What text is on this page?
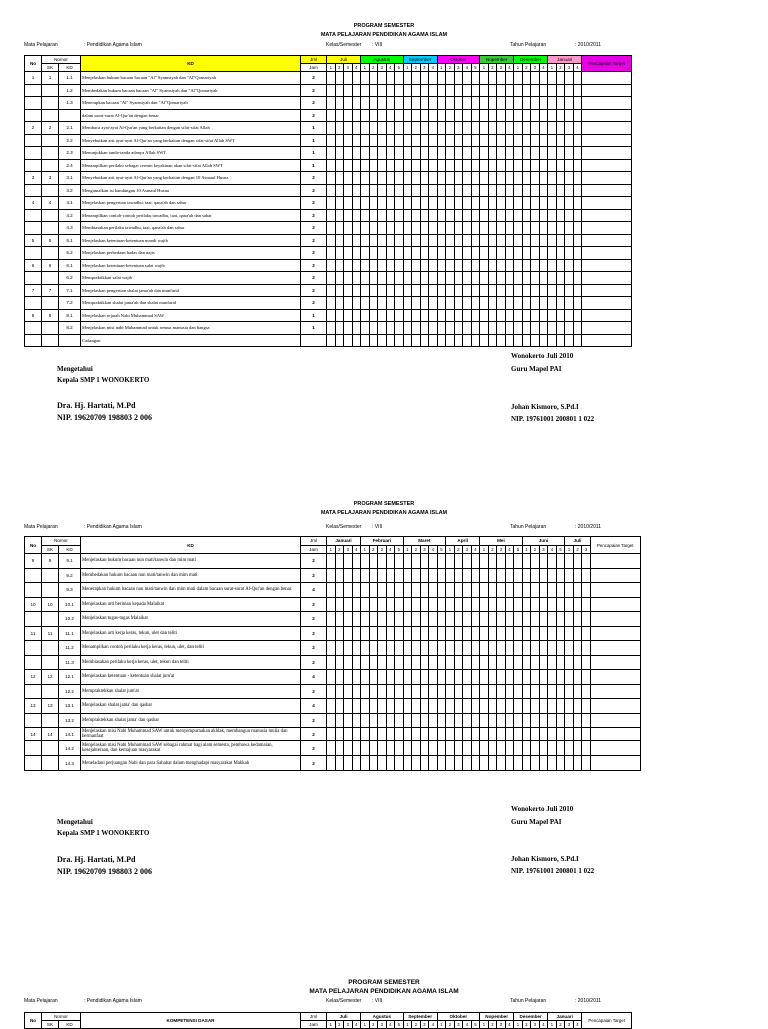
PROGRAM SEMESTER
MATA PELAJARAN PENDIDIKAN AGAMA ISLAM
Mata Pelajaran	: Pendidikan Agama Islam	Kelas/Semester : VIII	Tahun Pelajaran	: 2010/2011
No	Nomor		KD	Jml	Juli				Agustus					September				Oktober					Nopember				Desember				Januari				Pencapaian Target
	SK	KD		Jam	1	2	3	4	1	2	3	4	5	1	2	3	4	1	2	3	4	5	1	2	3	4	1	2	3	4	1	2	3	4	
1	1	1.1	Menjelaskan hukum bacaan bacaan "Al" Syamsiyah dan "Al"Qomariyah	2																															
		1.2	Membedakan hukum bacaan bacaan "Al" Syamsiyah dan "Al"Qomariyah	2																															
		1.3	Menerapkan bacaan "Al" Syamsiyah dan "Al"Qomariyah	2																															
			dalam surat-surat Al-Qur'an dengan benar	2																															
2	2	2.1	Membaca ayat-ayat Al-Qur'an yang berkaitan dengan sifat-sifat Allah	1																															
		2.2	Menyebutkan arti ayat-ayat Al-Qur'an yang berkaitan dengan sifat-sifat Allah SWT	1																															
		2.3	Menunjukkan tanda-tanda adanya Allah SWT	1																															
		2.4	Menampilkan perilaku sebagai cermin keyakinan akan sifat-sifat Allah SWT	1																															
3	3	3.1	Menyebutkan arti ayat-ayat Al-Qur'an yang berkaitan dengan 10 Asmaul Husna	2																															
		3.2	Mengamalkan isi kandungan 10 Asmaul Husna	2																															
4	4	4.1	Menjelaskan pengertian tawadhu, taat, qana'ah dan sabar	2																															
		4.2	Menampilkan contoh-contoh perilaku tawadhu, taat, qana'ah dan sabar	2																															
		4.3	Membiasakan perilaku tawadhu, taat, qana'ah dan sabar	2																															
5	5	5.1	Menjelaskan ketentuan-ketentuan mandi wajib	2																															
		5.2	Menjelaskan perbedaan hadas dan najis	2																															
6	6	6.1	Menjelaskan ketentuan-ketentuan salat wajib	2																															
		6.2	Mempraktikkan salat wajib	2																															
7	7	7.1	Menjelaskan pengertian shalat jama'ah dan munfarid	2																															
		7.2	Mempraktikkan shalat jama'ah dan shalat munfarid	2																															
8	8	8.1	Menjelaskan sejarah Nabi Muhammad SAW	1																															
		8.2	Menjelaskan misi nabi Muhammad untuk semua manusia dan bangsa	1																															
			Cadangan																																
Wonokerto Juli 2010
Mengetahui
Kepala SMP 1 WONOKERTO
Guru Mapel PAI
Dra. Hj. Hartati, M.Pd
NIP. 19620709 198803 2 006
Johan Kismoro, S.Pd.I
NIP. 19761001 200801 1 022
PROGRAM SEMESTER
MATA PELAJARAN PENDIDIKAN AGAMA ISLAM
Mata Pelajaran	: Pendidikan Agama Islam	Kelas/Semester : VIII	Tahun Pelajaran	: 2010/2011
No	Nomor		KD	Jml	Januari				Februari					Maret					April				Mei					Juni					Juli			Pencapaian Target
	SK	KD		Jam	1	2	3	4	1	2	3	4	5	1	2	3	4	5	1	2	3	4	1	2	3	4	5	1	2	3	4	5	1	2	3	
9	9	9.1	Menjelaskan hukum bacaan nun mati/tanwin dan mim mati	2																																
		9.2	Membedakan hukum bacaan nun mati/tanwin dan mim mati	2																																
		9.3	Menerapkan hukum bacaan nun mati/tanwin dan mim mati dalam bacaan surat-surat Al-Qur'an dengan benar.	4																																
10	10	10.1	Menjelaskan arti beriman kepada Malaikat	2																																
		10.2	Menjelaskan tugas-tugas Malaikat	2																																
11	11	11.1	Menjelaskan arti kerja keras, tekun, ulet dan teliti	2																																
		11.2	Menampilkan contoh perilaku kerja keras, tekun, ulet, dan teliti	2																																
		11.3	Membiasakan perilaku kerja keras, ulet, tekun dan teliti	2																																
12	12	12.1	Menjelaskan ketentuan - ketentuan shalat jum'at	4																																
		12.2	Mempraktekkan shalat jum'at	2																																
13	13	13.1	Menjelaskan shalat jama' dan qashar	4																																
		13.2	Mempraktekkan shalat jama' dan qashar	2																																
14	14	14.1	Menjelaskan misi Nabi Muhammad SAW untuk menyempurnakan akhlak, membangun manusia mulia dan bermanfaat	2																																
		14.2	Menjelaskan misi Nabi Muhammad SAW sebagai rahmat bagi alam semesta, pembawa kedamaian, kesejahteraan, dan kemajuan masyarakat	2																																
		14.3	Meneladani perjuangan Nabi dan para Sahabat dalam menghadapi masyarakat Makkah	2																																
Wonokerto Juli 2010
Mengetahui
Kepala SMP 1 WONOKERTO
Guru Mapel PAI
Dra. Hj. Hartati, M.Pd
NIP. 19620709 198803 2 006
Johan Kismoro, S.Pd.I
NIP. 19761001 200801 1 022
PROGRAM SEMESTER
MATA PELAJARAN PENDIDIKAN AGAMA ISLAM
Mata Pelajaran	: Pendidikan Agama Islam	Kelas/Semester : VIII	Tahun Pelajaran	: 2010/2011
No	Nomor		KOMPETENSI DASAR	Jml	Juli				Agustus					September				Oktober					Nopember				Desember				Januari				Pencapaian Target
	SK	KD		Jam	1	2	3	4	1	2	3	4	5	1	2	3	4	1	2	3	4	5	1	2	3	4	1	2	3	4	1	2	3	4	
